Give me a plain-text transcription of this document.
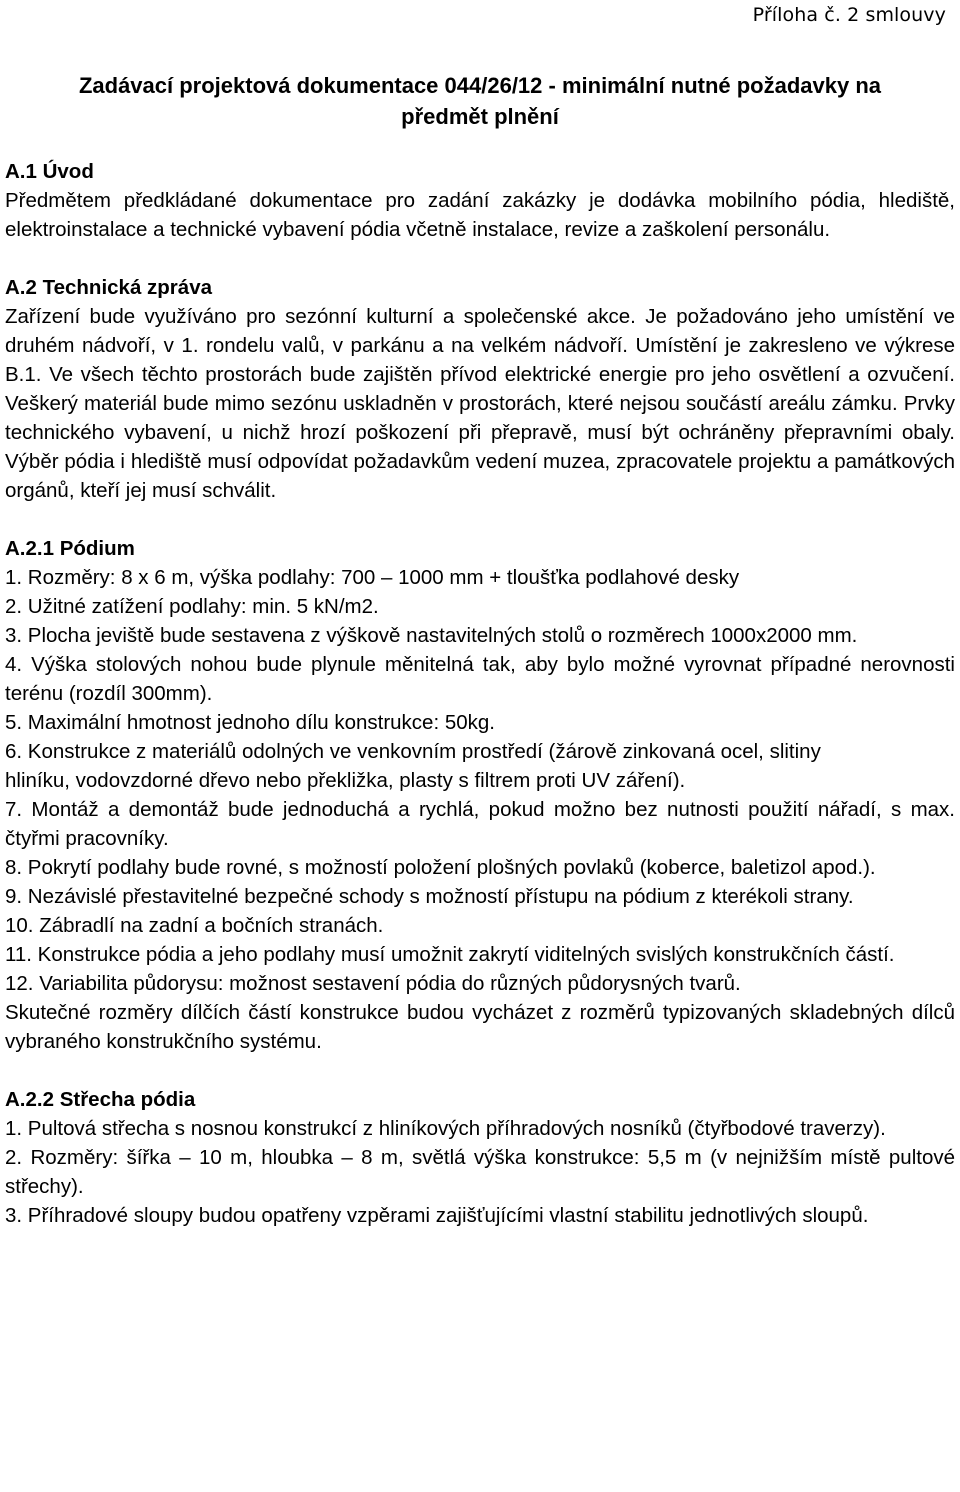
Příloha č. 2 smlouvy
Zadávací projektová dokumentace 044/26/12 - minimální nutné požadavky na
předmět plnění

A.1 Úvod

Předmětem předkládané dokumentace pro zadání zakázky je dodávka mobilního pódia, hlediště, elektroinstalace a technické vybavení pódia včetně instalace, revize a zaškolení personálu.

A.2 Technická zpráva

Zařízení bude využíváno pro sezónní kulturní a společenské akce. Je požadováno jeho umístění ve druhém nádvoří, v 1. rondelu valů, v parkánu a na velkém nádvoří. Umístění je zakresleno ve výkrese B.1. Ve všech těchto prostorách bude zajištěn přívod elektrické energie pro jeho osvětlení a ozvučení. Veškerý materiál bude mimo sezónu uskladněn v prostorách, které nejsou součástí areálu zámku. Prvky technického vybavení, u nichž hrozí poškození při přepravě, musí být ochráněny přepravními obaly. Výběr pódia i hlediště musí odpovídat požadavkům vedení muzea, zpracovatele projektu a památkových orgánů, kteří jej musí schválit.

A.2.1 Pódium

1. Rozměry: 8 x 6 m, výška podlahy: 700 – 1000 mm + tloušťka podlahové desky

2. Užitné zatížení podlahy: min. 5 kN/m2.

3. Plocha jeviště bude sestavena z výškově nastavitelných stolů o rozměrech 1000x2000 mm.

4. Výška stolových nohou bude plynule měnitelná tak, aby bylo možné vyrovnat případné nerovnosti terénu (rozdíl 300mm).

5. Maximální hmotnost jednoho dílu konstrukce: 50kg.

6. Konstrukce z materiálů odolných ve venkovním prostředí (žárově zinkovaná ocel, slitiny

hliníku, vodovzdorné dřevo nebo překližka, plasty s filtrem proti UV záření).

7. Montáž a demontáž bude jednoduchá a rychlá, pokud možno bez nutnosti použití nářadí, s max. čtyřmi pracovníky.

8. Pokrytí podlahy bude rovné, s možností položení plošných povlaků (koberce, baletizol apod.).

9. Nezávislé přestavitelné bezpečné schody s možností přístupu na pódium z kterékoli strany.

10. Zábradlí na zadní a bočních stranách.

11. Konstrukce pódia a jeho podlahy musí umožnit zakrytí viditelných svislých konstrukčních částí.

12. Variabilita půdorysu: možnost sestavení pódia do různých půdorysných tvarů.

Skutečné rozměry dílčích částí konstrukce budou vycházet z rozměrů typizovaných skladebných dílců vybraného konstrukčního systému.

A.2.2 Střecha pódia

1. Pultová střecha s nosnou konstrukcí z hliníkových příhradových nosníků (čtyřbodové traverzy).

2. Rozměry: šířka – 10 m, hloubka – 8 m, světlá výška konstrukce: 5,5 m (v nejnižším místě pultové střechy).

3. Příhradové sloupy budou opatřeny vzpěrami zajišťujícími vlastní stabilitu jednotlivých sloupů.
